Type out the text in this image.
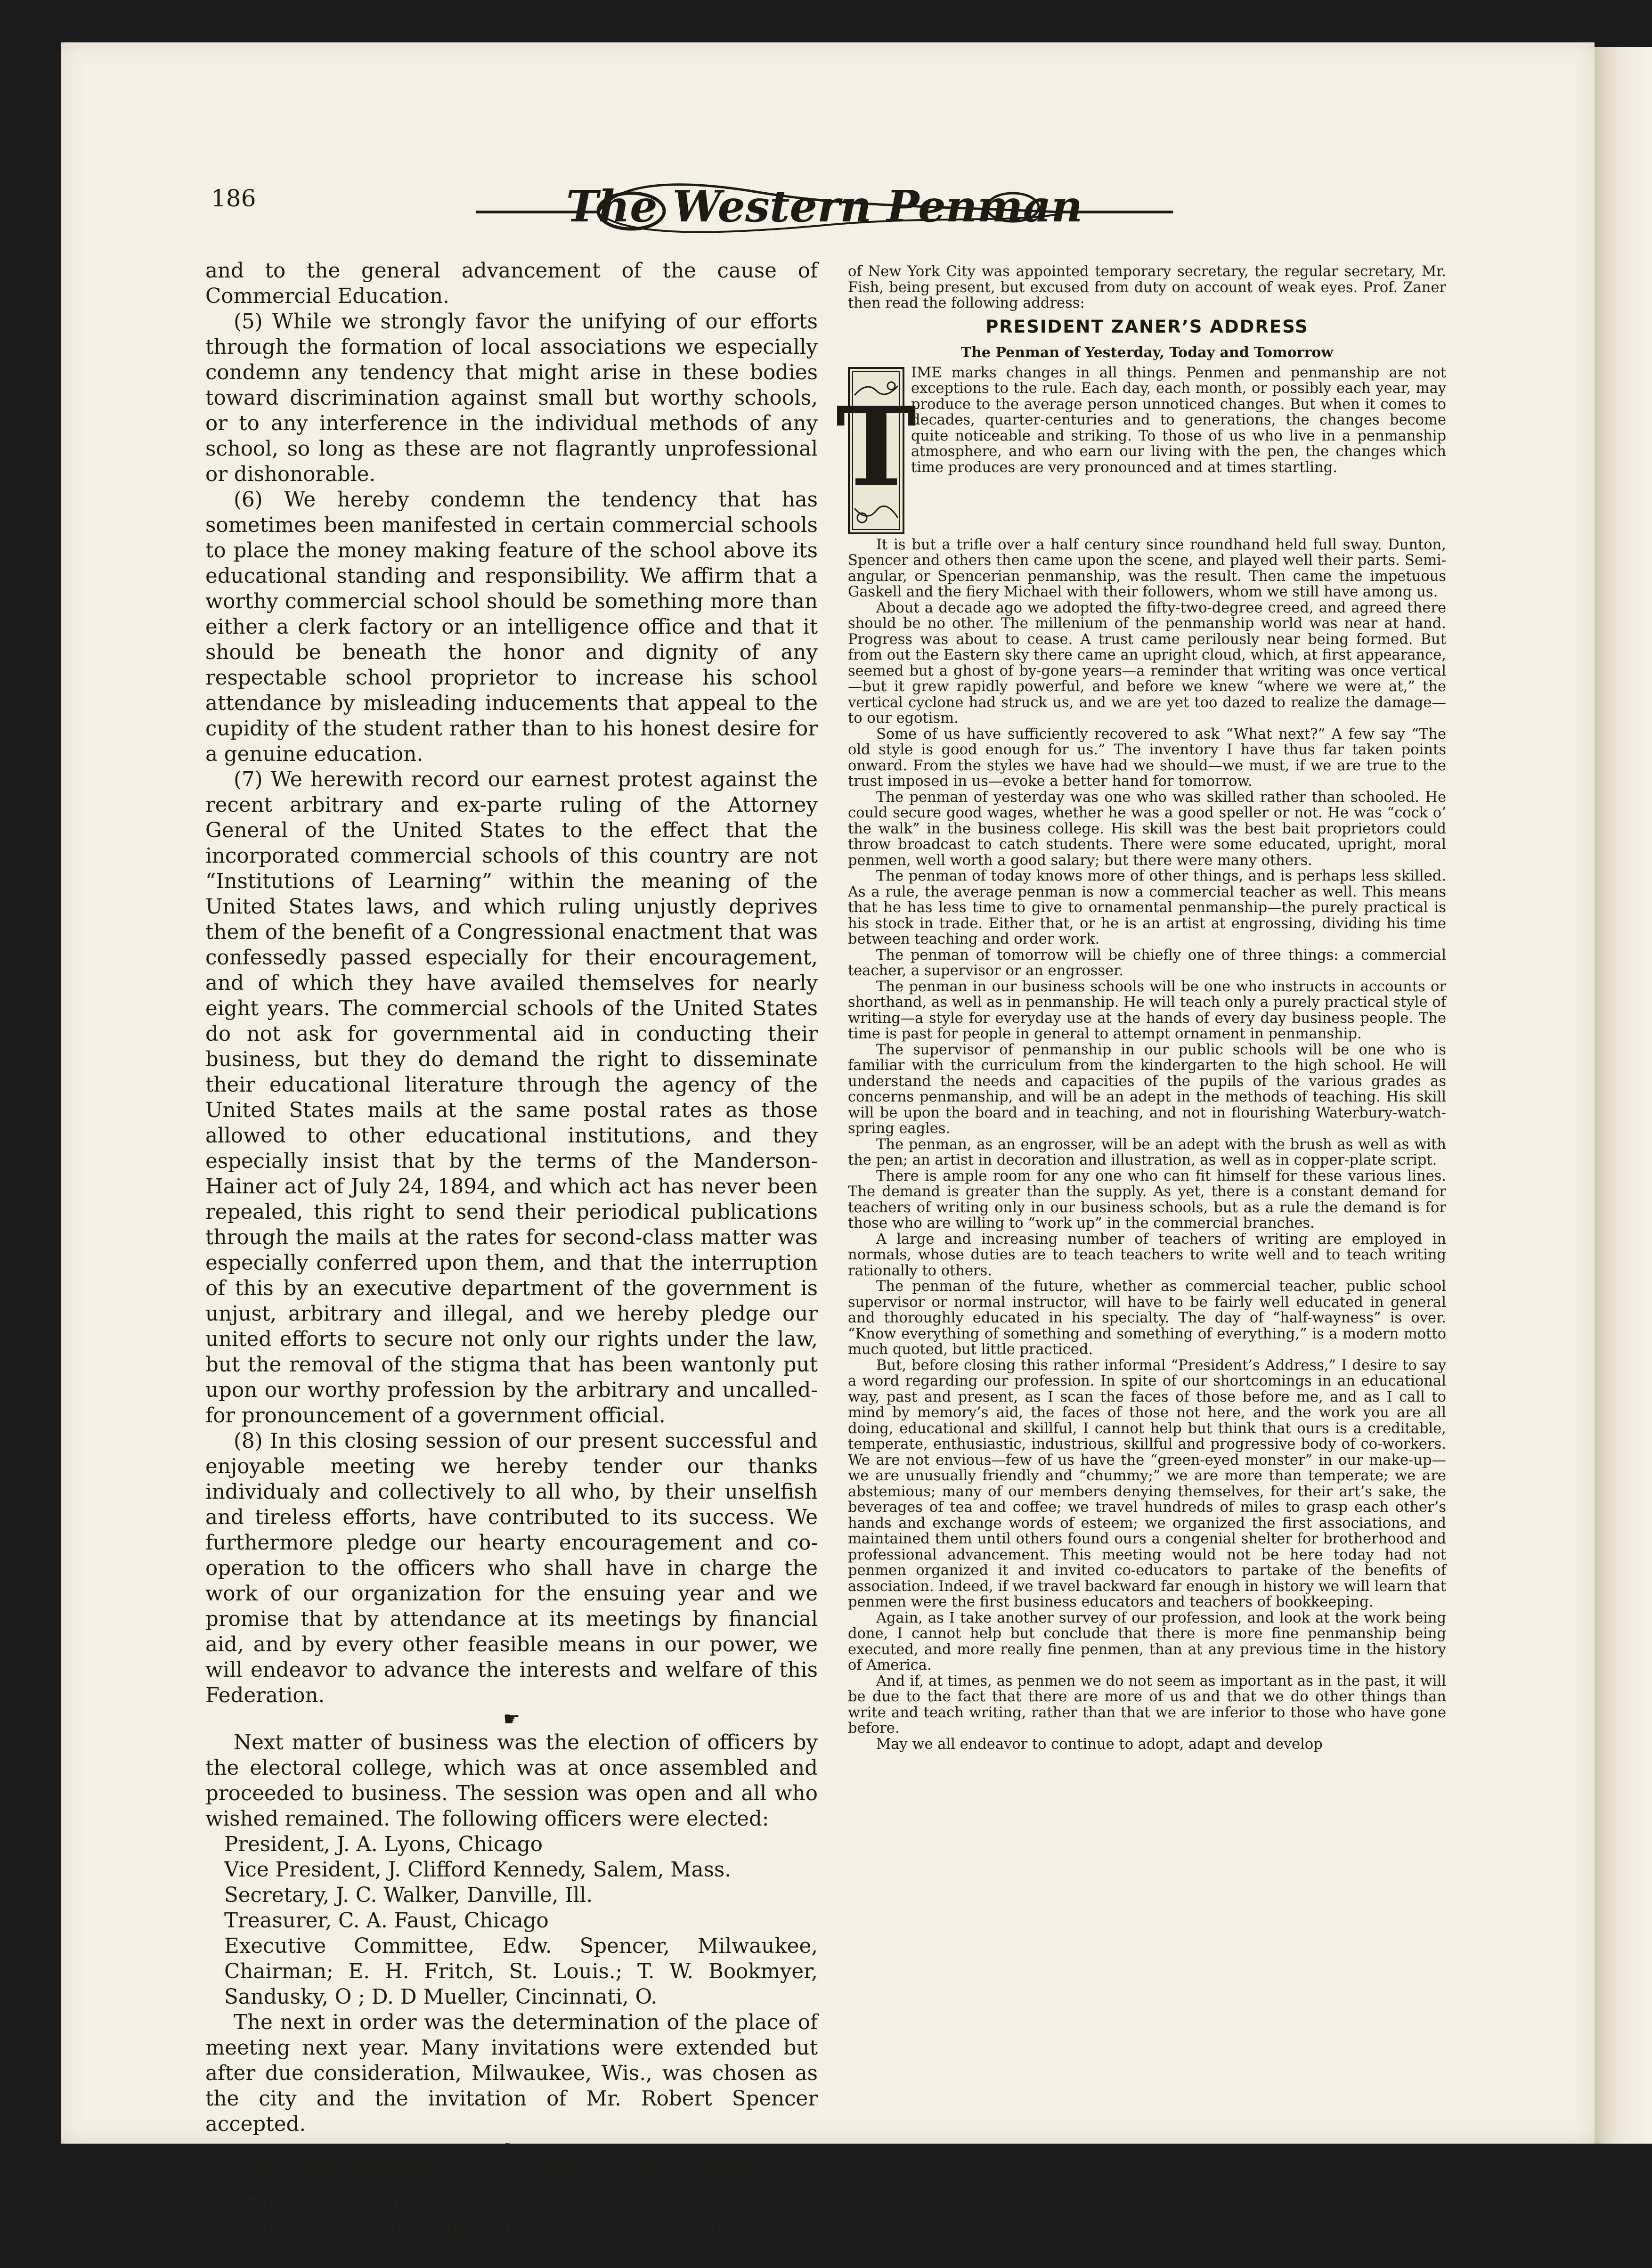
186	The Western Penman

and to the general advancement of the cause of Commercial Education.

(5) While we strongly favor the unifying of our efforts through the formation of local associations we especially condemn any tendency that might arise in these bodies toward discrimination against small but worthy schools, or to any interference in the individual methods of any school, so long as these are not flagrantly unprofessional or dishonorable.

(6) We hereby condemn the tendency that has sometimes been manifested in certain commercial schools to place the money making feature of the school above its educational standing and responsibility. We affirm that a worthy commercial school should be something more than either a clerk factory or an intelligence office and that it should be beneath the honor and dignity of any respectable school proprietor to increase his school attendance by misleading inducements that appeal to the cupidity of the student rather than to his honest desire for a genuine education.

(7) We herewith record our earnest protest against the recent arbitrary and ex-parte ruling of the Attorney General of the United States to the effect that the incorporated commercial schools of this country are not “Institutions of Learning” within the meaning of the United States laws, and which ruling unjustly deprives them of the benefit of a Congressional enactment that was confessedly passed especially for their encouragement, and of which they have availed themselves for nearly eight years. The commercial schools of the United States do not ask for governmental aid in conducting their business, but they do demand the right to disseminate their educational literature through the agency of the United States mails at the same postal rates as those allowed to other educational institutions, and they especially insist that by the terms of the Manderson-Hainer act of July 24, 1894, and which act has never been repealed, this right to send their periodical publications through the mails at the rates for second-class matter was especially conferred upon them, and that the interruption of this by an executive department of the government is unjust, arbitrary and illegal, and we hereby pledge our united efforts to secure not only our rights under the law, but the removal of the stigma that has been wantonly put upon our worthy profession by the arbitrary and uncalled-for pronouncement of a government official.

(8) In this closing session of our present successful and enjoyable meeting we hereby tender our thanks individualy and collectively to all who, by their unselfish and tireless efforts, have contributed to its success. We furthermore pledge our hearty encouragement and co-operation to the officers who shall have in charge the work of our organization for the ensuing year and we promise that by attendance at its meetings by financial aid, and by every other feasible means in our power, we will endeavor to advance the interests and welfare of this Federation.

☛

Next matter of business was the election of officers by the electoral college, which was at once assembled and proceeded to business. The session was open and all who wished remained. The following officers were elected:

President, J. A. Lyons, Chicago

Vice President, J. Clifford Kennedy, Salem, Mass.

Secretary, J. C. Walker, Danville, Ill.

Treasurer, C. A. Faust, Chicago

Executive Committee, Edw. Spencer, Milwaukee, Chairman; E. H. Fritch, St. Louis.; T. W. Bookmyer, Sandusky, O ; D. D Mueller, Cincinnati, O.

The next in order was the determination of the place of meeting next year. Many invitations were extended but after due consideration, Milwaukee, Wis., was chosen as the city and the invitation of Mr. Robert Spencer accepted.

☛
THE PENMANSHIP TEACHERS’ ASSOCIATION

Prof. C. P. Zaner was in the chair Friday morning, December 27th, and called the convention to order. Mr. H. G. Healey

of New York City was appointed temporary secretary, the regular secretary, Mr. Fish, being present, but excused from duty on account of weak eyes. Prof. Zaner then read the following address:

PRESIDENT ZANER’S ADDRESS
The Penman of Yesterday, Today and Tomorrow
T

IME marks changes in all things. Penmen and penmanship are not exceptions to the rule. Each day, each month, or possibly each year, may produce to the average person unnoticed changes. But when it comes to decades, quarter-centuries and to generations, the changes become quite noticeable and striking. To those of us who live in a penmanship atmosphere, and who earn our living with the pen, the changes which time produces are very pronounced and at times startling.

It is but a trifle over a half century since roundhand held full sway. Dunton, Spencer and others then came upon the scene, and played well their parts. Semi-angular, or Spencerian penmanship, was the result. Then came the impetuous Gaskell and the fiery Michael with their followers, whom we still have among us.

About a decade ago we adopted the fifty-two-degree creed, and agreed there should be no other. The millenium of the penmanship world was near at hand. Progress was about to cease. A trust came perilously near being formed. But from out the Eastern sky there came an upright cloud, which, at first appearance, seemed but a ghost of by-gone years—a reminder that writing was once vertical—but it grew rapidly powerful, and before we knew “where we were at,” the vertical cyclone had struck us, and we are yet too dazed to realize the damage—to our egotism.

Some of us have sufficiently recovered to ask “What next?” A few say “The old style is good enough for us.” The inventory I have thus far taken points onward. From the styles we have had we should—we must, if we are true to the trust imposed in us—evoke a better hand for tomorrow.

The penman of yesterday was one who was skilled rather than schooled. He could secure good wages, whether he was a good speller or not. He was “cock o’ the walk” in the business college. His skill was the best bait proprietors could throw broadcast to catch students. There were some educated, upright, moral penmen, well worth a good salary; but there were many others.

The penman of today knows more of other things, and is perhaps less skilled. As a rule, the average penman is now a commercial teacher as well. This means that he has less time to give to ornamental penmanship—the purely practical is his stock in trade. Either that, or he is an artist at engrossing, dividing his time between teaching and order work.

The penman of tomorrow will be chiefly one of three things: a commercial teacher, a supervisor or an engrosser.

The penman in our business schools will be one who instructs in accounts or shorthand, as well as in penmanship. He will teach only a purely practical style of writing—a style for everyday use at the hands of every day business people. The time is past for people in general to attempt ornament in penmanship.

The supervisor of penmanship in our public schools will be one who is familiar with the curriculum from the kindergarten to the high school. He will understand the needs and capacities of the pupils of the various grades as concerns penmanship, and will be an adept in the methods of teaching. His skill will be upon the board and in teaching, and not in flourishing Waterbury-watch-spring eagles.

The penman, as an engrosser, will be an adept with the brush as well as with the pen; an artist in decoration and illustration, as well as in copper-plate script.

There is ample room for any one who can fit himself for these various lines. The demand is greater than the supply. As yet, there is a constant demand for teachers of writing only in our business schools, but as a rule the demand is for those who are willing to “work up” in the commercial branches.

A large and increasing number of teachers of writing are employed in normals, whose duties are to teach teachers to write well and to teach writing rationally to others.

The penman of the future, whether as commercial teacher, public school supervisor or normal instructor, will have to be fairly well educated in general and thoroughly educated in his specialty. The day of “half-wayness” is over. “Know everything of something and something of everything,” is a modern motto much quoted, but little practiced.

But, before closing this rather informal “President’s Address,” I desire to say a word regarding our profession. In spite of our shortcomings in an educational way, past and present, as I scan the faces of those before me, and as I call to mind by memory’s aid, the faces of those not here, and the work you are all doing, educational and skillful, I cannot help but think that ours is a creditable, temperate, enthusiastic, industrious, skillful and progressive body of co-workers. We are not envious—few of us have the “green-eyed monster” in our make-up—we are unusually friendly and “chummy;” we are more than temperate; we are abstemious; many of our members denying themselves, for their art’s sake, the beverages of tea and coffee; we travel hundreds of miles to grasp each other’s hands and exchange words of esteem; we organized the first associations, and maintained them until others found ours a congenial shelter for brotherhood and professional advancement. This meeting would not be here today had not penmen organized it and invited co-educators to partake of the benefits of association. Indeed, if we travel backward far enough in history we will learn that penmen were the first business educators and teachers of bookkeeping.

Again, as I take another survey of our profession, and look at the work being done, I cannot help but conclude that there is more fine penmanship being executed, and more really fine penmen, than at any previous time in the history of America.

And if, at times, as penmen we do not seem as important as in the past, it will be due to the fact that there are more of us and that we do other things than write and teach writing, rather than that we are inferior to those who have gone before.

May we all endeavor to continue to adopt, adapt and develop
